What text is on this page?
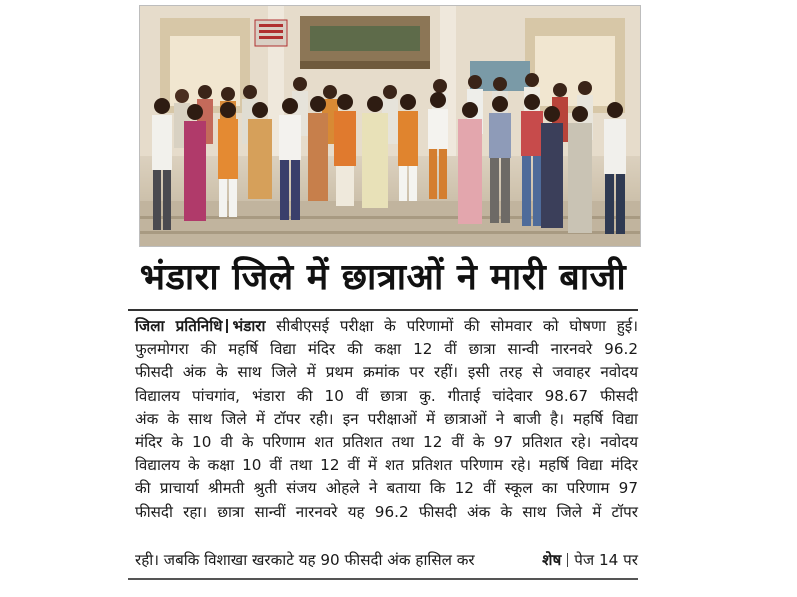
भंडारा जिले में छात्राओं ने मारी बाजी

जिला प्रतिनिधि भंडारा सीबीएसई परीक्षा के परिणामों की सोमवार को घोषणा हुई।

फुलमोगरा की महर्षि विद्या मंदिर की कक्षा 12 वीं छात्रा सान्वी नारनवरे 96.2

फीसदी अंक के साथ जिले में प्रथम क्रमांक पर रहीं। इसी तरह से जवाहर नवोदय

विद्यालय पांचगांव, भंडारा की 10 वीं छात्रा कु. गीताई चांदेवार 98.67 फीसदी

अंक के साथ जिले में टॉपर रही। इन परीक्षाओं में छात्राओं ने बाजी है। महर्षि विद्या

मंदिर के 10 वी के परिणाम शत प्रतिशत तथा 12 वीं के 97 प्रतिशत रहे। नवोदय

विद्यालय के कक्षा 10 वीं तथा 12 वीं में शत प्रतिशत परिणाम रहे। महर्षि विद्या मंदिर

की प्राचार्या श्रीमती श्रुती संजय ओहले ने बताया कि 12 वीं स्कूल का परिणाम 97

फीसदी रहा। छात्रा सान्वीं नारनवरे यह 96.2 फीसदी अंक के साथ जिले में टॉपर

रही। जबकि विशाखा खरकाटे यह 90 फीसदी अंक हासिल कर	शेष पेज 14 पर
